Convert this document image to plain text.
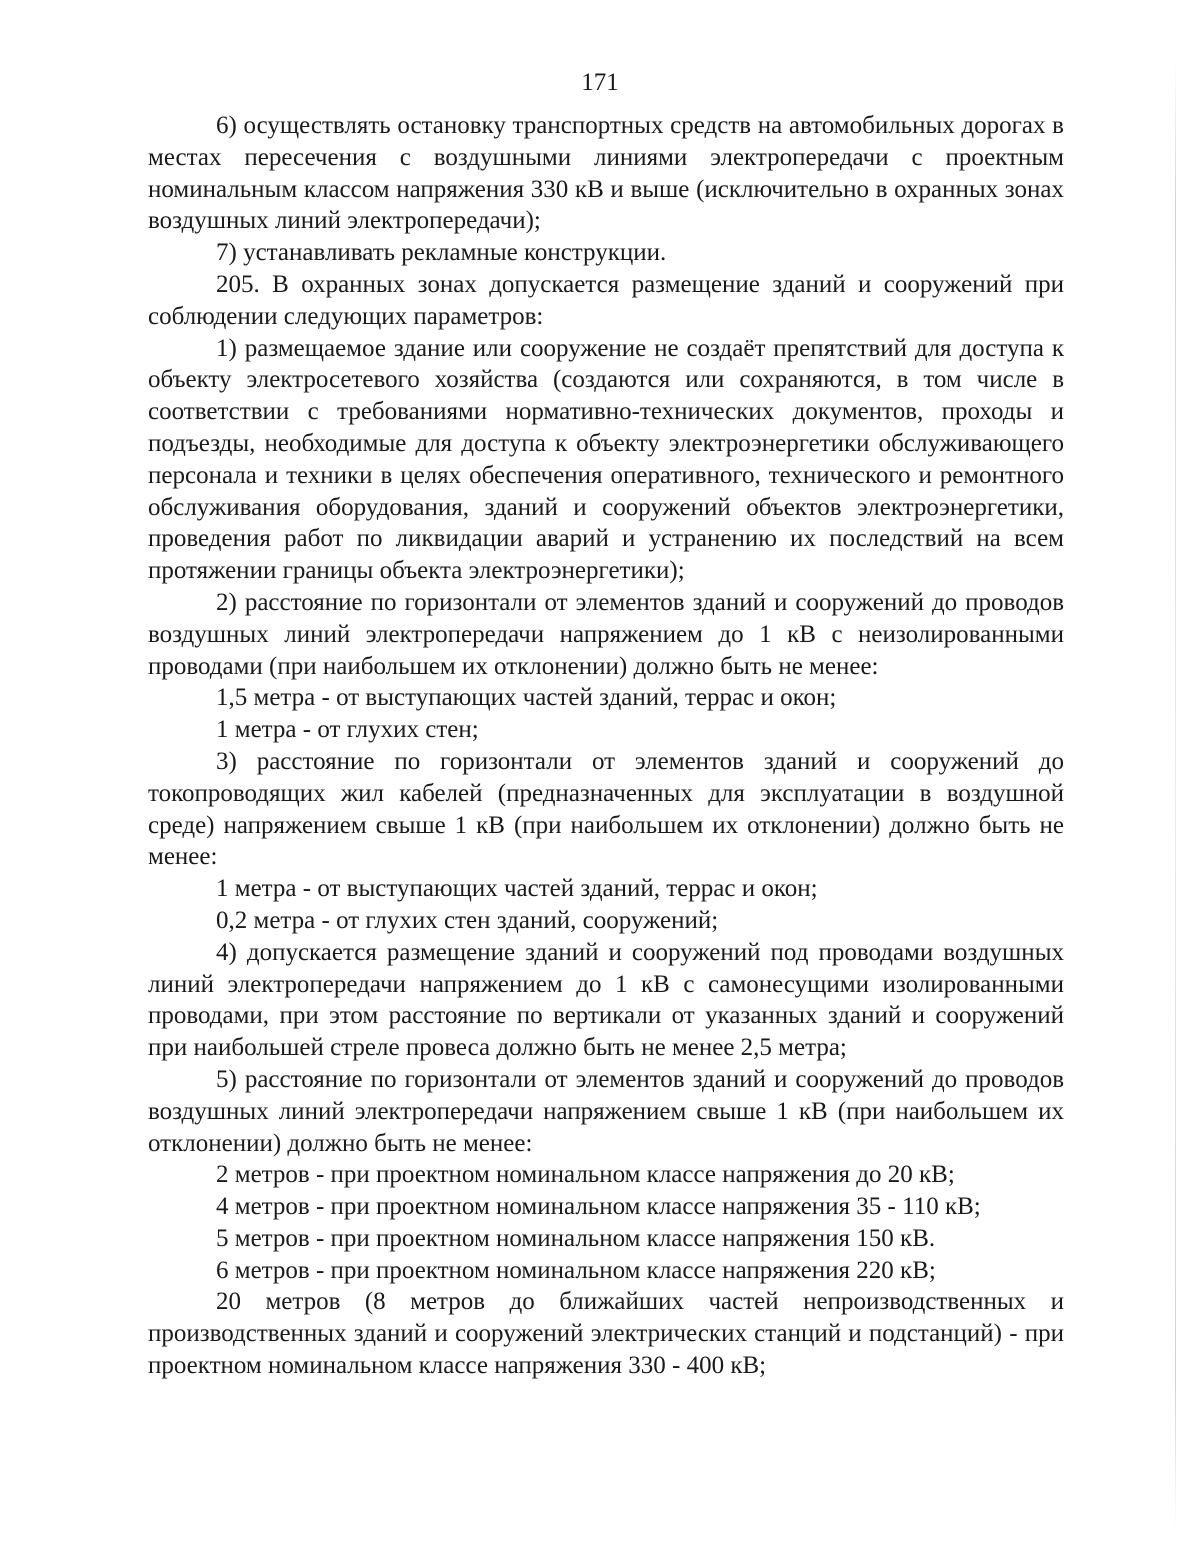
171

6) осуществлять остановку транспортных средств на автомобильных дорогах в местах пересечения с воздушными линиями электропередачи с проектным номинальным классом напряжения 330 кВ и выше (исключительно в охранных зонах воздушных линий электропередачи);

7) устанавливать рекламные конструкции.

205. В охранных зонах допускается размещение зданий и сооружений при соблюдении следующих параметров:

1) размещаемое здание или сооружение не создаёт препятствий для доступа к объекту электросетевого хозяйства (создаются или сохраняются, в том числе в соответствии с требованиями нормативно-технических документов, проходы и подъезды, необходимые для доступа к объекту электроэнергетики обслуживающего персонала и техники в целях обеспечения оперативного, технического и ремонтного обслуживания оборудования, зданий и сооружений объектов электроэнергетики, проведения работ по ликвидации аварий и устранению их последствий на всем протяжении границы объекта электроэнергетики);

2) расстояние по горизонтали от элементов зданий и сооружений до проводов воздушных линий электропередачи напряжением до 1 кВ с неизолированными проводами (при наибольшем их отклонении) должно быть не менее:

1,5 метра - от выступающих частей зданий, террас и окон;

1 метра - от глухих стен;

3) расстояние по горизонтали от элементов зданий и сооружений до токопроводящих жил кабелей (предназначенных для эксплуатации в воздушной среде) напряжением свыше 1 кВ (при наибольшем их отклонении) должно быть не менее:

1 метра - от выступающих частей зданий, террас и окон;

0,2 метра - от глухих стен зданий, сооружений;

4) допускается размещение зданий и сооружений под проводами воздушных линий электропередачи напряжением до 1 кВ с самонесущими изолированными проводами, при этом расстояние по вертикали от указанных зданий и сооружений при наибольшей стреле провеса должно быть не менее 2,5 метра;

5) расстояние по горизонтали от элементов зданий и сооружений до проводов воздушных линий электропередачи напряжением свыше 1 кВ (при наибольшем их отклонении) должно быть не менее:

2 метров - при проектном номинальном классе напряжения до 20 кВ;

4 метров - при проектном номинальном классе напряжения 35 - 110 кВ;

5 метров - при проектном номинальном классе напряжения 150 кВ.

6 метров - при проектном номинальном классе напряжения 220 кВ;

20 метров (8 метров до ближайших частей непроизводственных и производственных зданий и сооружений электрических станций и подстанций) - при проектном номинальном классе напряжения 330 - 400 кВ;
